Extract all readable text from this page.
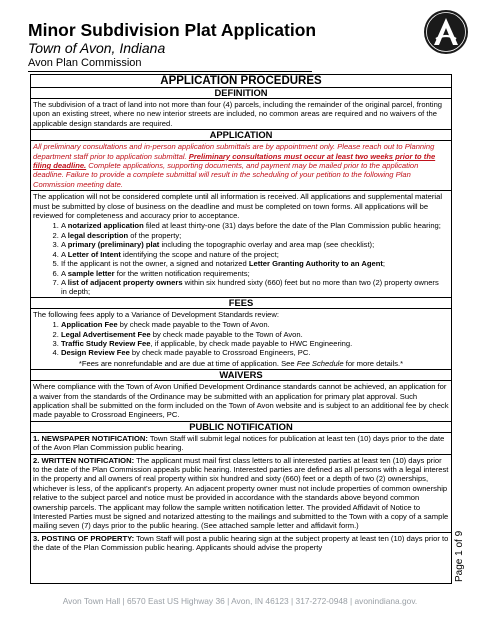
Minor Subdivision Plat Application
Town of Avon, Indiana
Avon Plan Commission
APPLICATION PROCEDURES
DEFINITION
The subdivision of a tract of land into not more than four (4) parcels, including the remainder of the original parcel, fronting upon an existing street, where no new interior streets are included, no common areas are required and no waivers of the applicable design standards are required.
APPLICATION
All preliminary consultations and in-person application submittals are by appointment only. Please reach out to Planning department staff prior to application submittal. Preliminary consultations must occur at least two weeks prior to the filing deadline. Complete applications, supporting documents, and payment may be mailed prior to the application deadline. Failure to provide a complete submittal will result in the scheduling of your petition to the following Plan Commission meeting date.
The application will not be considered complete until all information is received. All applications and supplemental material must be submitted by close of business on the deadline and must be completed on town forms. All applications will be reviewed for completeness and accuracy prior to acceptance.
1. A notarized application filed at least thirty-one (31) days before the date of the Plan Commission public hearing;
2. A legal description of the property;
3. A primary (preliminary) plat including the topographic overlay and area map (see checklist);
4. A Letter of Intent identifying the scope and nature of the project;
5. If the applicant is not the owner, a signed and notarized Letter Granting Authority to an Agent;
6. A sample letter for the written notification requirements;
7. A list of adjacent property owners within six hundred sixty (660) feet but no more than two (2) property owners in depth;
FEES
The following fees apply to a Variance of Development Standards review:
1. Application Fee by check made payable to the Town of Avon.
2. Legal Advertisement Fee by check made payable to the Town of Avon.
3. Traffic Study Review Fee, if applicable, by check made payable to HWC Engineering.
4. Design Review Fee by check made payable to Crossroad Engineers, PC.
*Fees are nonrefundable and are due at time of application. See Fee Schedule for more details.*
WAIVERS
Where compliance with the Town of Avon Unified Development Ordinance standards cannot be achieved, an application for a waiver from the standards of the Ordinance may be submitted with an application for primary plat approval. Such application shall be submitted on the form included on the Town of Avon website and is subject to an additional fee by check made payable to Crossroad Engineers, PC.
PUBLIC NOTIFICATION
1. NEWSPAPER NOTIFICATION: Town Staff will submit legal notices for publication at least ten (10) days prior to the date of the Avon Plan Commission public hearing.
2. WRITTEN NOTIFICATION: The applicant must mail first class letters to all interested parties at least ten (10) days prior to the date of the Plan Commission appeals public hearing. Interested parties are defined as all persons with a legal interest in the property and all owners of real property within six hundred and sixty (660) feet or a depth of two (2) ownerships, whichever is less, of the applicant's property. An adjacent property owner must not include properties of common ownership relative to the subject parcel and notice must be provided in accordance with the standards above beyond common ownership parcels. The applicant may follow the sample written notification letter. The provided Affidavit of Notice to Interested Parties must be signed and notarized attesting to the mailings and submitted to the Town with a copy of a sample mailing seven (7) days prior to the public hearing. (See attached sample letter and affidavit form.)
3. POSTING OF PROPERTY: Town Staff will post a public hearing sign at the subject property at least ten (10) days prior to the date of the Plan Commission public hearing. Applicants should advise the property	Page 1 of 9
Avon Town Hall | 6570 East US Highway 36 | Avon, IN 46123 | 317-272-0948 | avonindiana.gov.
